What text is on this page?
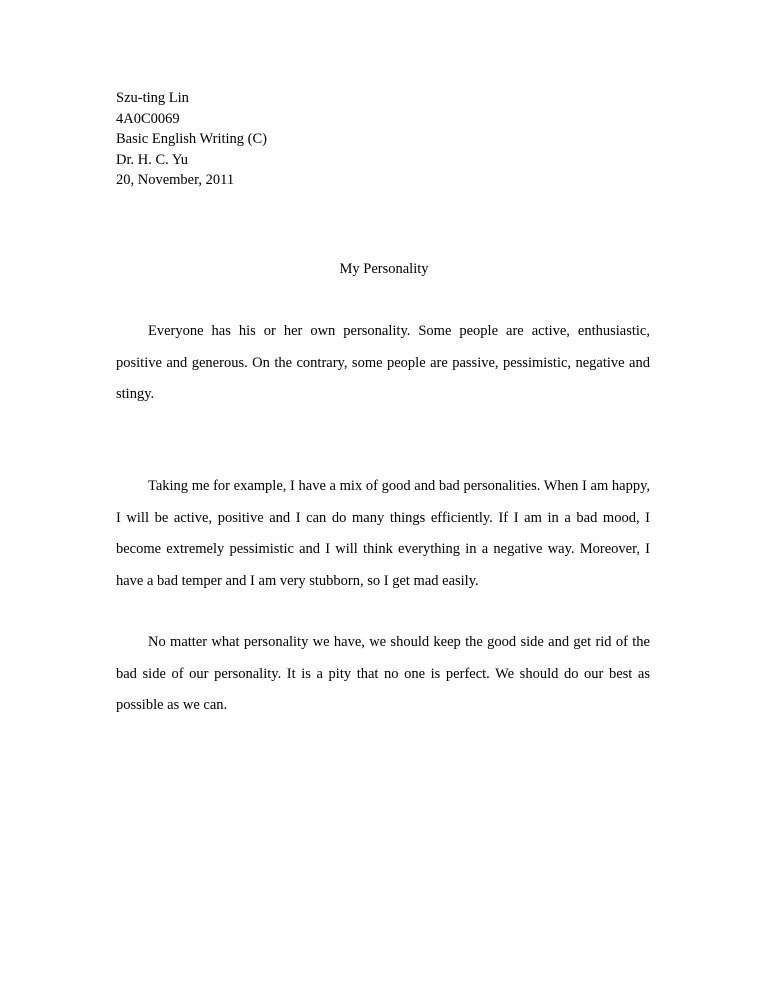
Szu-ting Lin
4A0C0069
Basic English Writing (C)
Dr. H. C. Yu
20, November, 2011
My Personality

Everyone has his or her own personality. Some people are active, enthusiastic, positive and generous. On the contrary, some people are passive, pessimistic, negative and stingy.

Taking me for example, I have a mix of good and bad personalities. When I am happy, I will be active, positive and I can do many things efficiently. If I am in a bad mood, I become extremely pessimistic and I will think everything in a negative way. Moreover, I have a bad temper and I am very stubborn, so I get mad easily.

No matter what personality we have, we should keep the good side and get rid of the bad side of our personality. It is a pity that no one is perfect. We should do our best as possible as we can.
